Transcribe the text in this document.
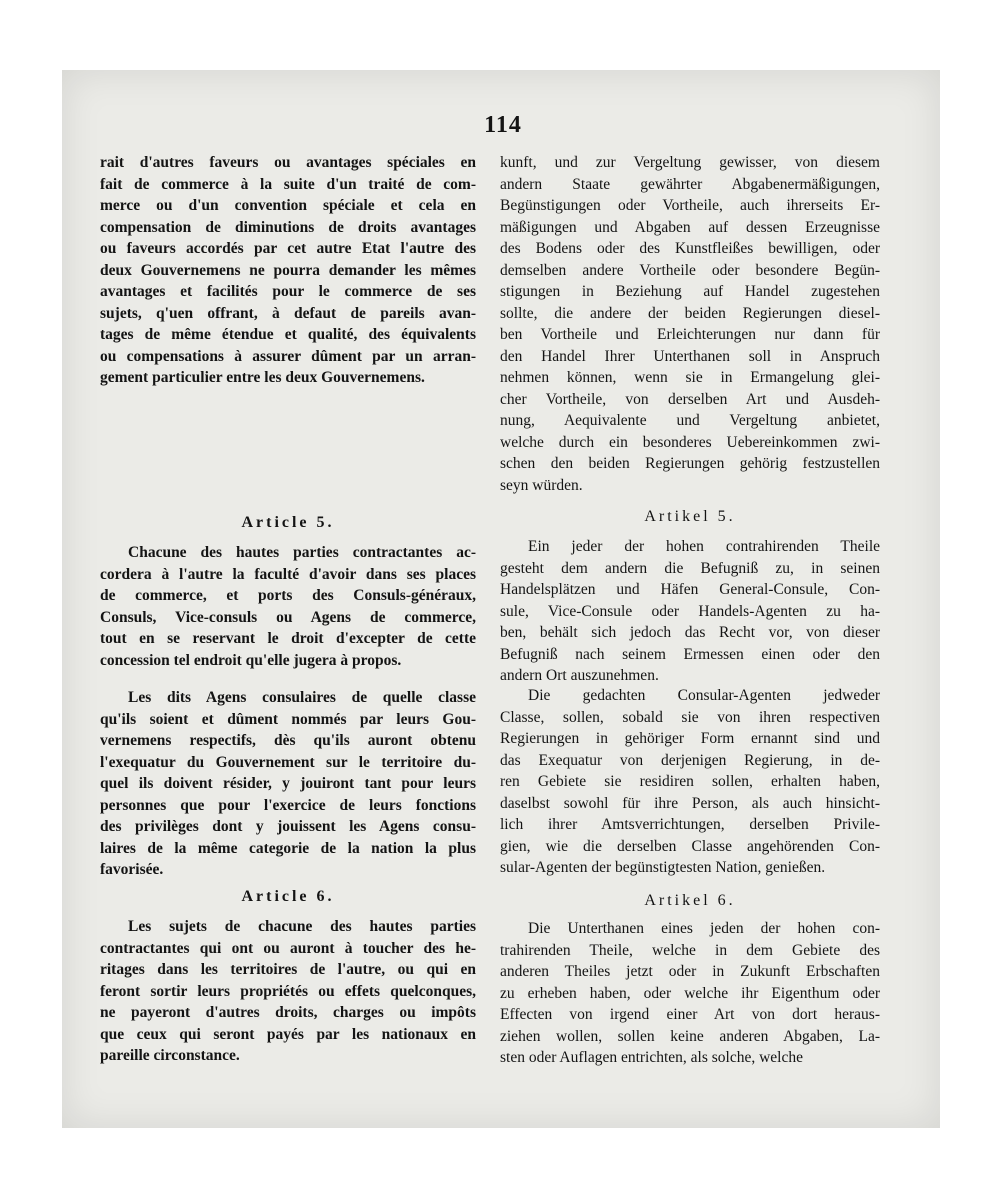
114
rait d'autres faveurs ou avantages spéciales en
fait de commerce à la suite d'un traité de com-
merce ou d'un convention spéciale et cela en
compensation de diminutions de droits avantages
ou faveurs accordés par cet autre Etat l'autre des
deux Gouvernemens ne pourra demander les mêmes
avantages et facilités pour le commerce de ses
sujets, q'uen offrant, à defaut de pareils avan-
tages de même étendue et qualité, des équivalents
ou compensations à assurer dûment par un arran-
gement particulier entre les deux Gouvernemens.
Article 5.
Chacune des hautes parties contractantes ac-
cordera à l'autre la faculté d'avoir dans ses places
de commerce, et ports des Consuls-généraux,
Consuls, Vice-consuls ou Agens de commerce,
tout en se reservant le droit d'excepter de cette
concession tel endroit qu'elle jugera à propos.
Les dits Agens consulaires de quelle classe
qu'ils soient et dûment nommés par leurs Gou-
vernemens respectifs, dès qu'ils auront obtenu
l'exequatur du Gouvernement sur le territoire du-
quel ils doivent résider, y jouiront tant pour leurs
personnes que pour l'exercice de leurs fonctions
des privilèges dont y jouissent les Agens consu-
laires de la même categorie de la nation la plus
favorisée.
Article 6.
Les sujets de chacune des hautes parties
contractantes qui ont ou auront à toucher des he-
ritages dans les territoires de l'autre, ou qui en
feront sortir leurs propriétés ou effets quelconques,
ne payeront d'autres droits, charges ou impôts
que ceux qui seront payés par les nationaux en
pareille circonstance.
kunft, und zur Vergeltung gewisser, von diesem
andern Staate gewährter Abgabenermäßigungen,
Begünstigungen oder Vortheile, auch ihrerseits Er-
mäßigungen und Abgaben auf dessen Erzeugnisse
des Bodens oder des Kunstfleißes bewilligen, oder
demselben andere Vortheile oder besondere Begün-
stigungen in Beziehung auf Handel zugestehen
sollte, die andere der beiden Regierungen diesel-
ben Vortheile und Erleichterungen nur dann für
den Handel Ihrer Unterthanen soll in Anspruch
nehmen können, wenn sie in Ermangelung glei-
cher Vortheile, von derselben Art und Ausdeh-
nung, Aequivalente und Vergeltung anbietet,
welche durch ein besonderes Uebereinkommen zwi-
schen den beiden Regierungen gehörig festzustellen
seyn würden.
Artikel 5.
Ein jeder der hohen contrahirenden Theile
gesteht dem andern die Befugniß zu, in seinen
Handelsplätzen und Häfen General-Consule, Con-
sule, Vice-Consule oder Handels-Agenten zu ha-
ben, behält sich jedoch das Recht vor, von dieser
Befugniß nach seinem Ermessen einen oder den
andern Ort auszunehmen.
Die gedachten Consular-Agenten jedweder
Classe, sollen, sobald sie von ihren respectiven
Regierungen in gehöriger Form ernannt sind und
das Exequatur von derjenigen Regierung, in de-
ren Gebiete sie residiren sollen, erhalten haben,
daselbst sowohl für ihre Person, als auch hinsicht-
lich ihrer Amtsverrichtungen, derselben Privile-
gien, wie die derselben Classe angehörenden Con-
sular-Agenten der begünstigtesten Nation, genießen.
Artikel 6.
Die Unterthanen eines jeden der hohen con-
trahirenden Theile, welche in dem Gebiete des
anderen Theiles jetzt oder in Zukunft Erbschaften
zu erheben haben, oder welche ihr Eigenthum oder
Effecten von irgend einer Art von dort heraus-
ziehen wollen, sollen keine anderen Abgaben, La-
sten oder Auflagen entrichten, als solche, welche
